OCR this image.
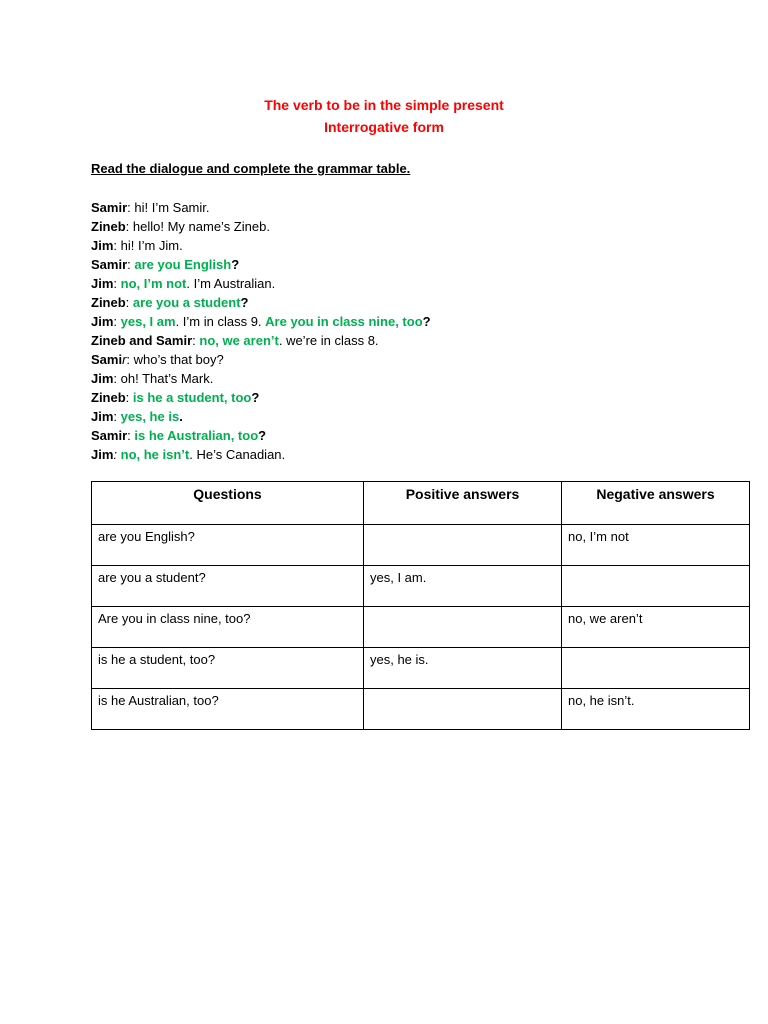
The verb to be in the simple present
Interrogative form
Read the dialogue and complete the grammar table.
Samir: hi! I’m Samir.
Zineb: hello! My name’s Zineb.
Jim: hi! I’m Jim.
Samir: are you English?
Jim: no, I’m not. I’m Australian.
Zineb: are you a student?
Jim: yes, I am. I’m in class 9. Are you in class nine, too?
Zineb and Samir: no, we aren’t. we’re in class 8.
Samir: who’s that boy?
Jim: oh! That’s Mark.
Zineb: is he a student, too?
Jim: yes, he is.
Samir: is he Australian, too?
Jim: no, he isn’t. He’s Canadian.
Questions	Positive answers	Negative answers
are you English?		no, I’m not
are you a student?	yes, I am.	
Are you in class nine, too?		no, we aren’t
is he a student, too?	yes, he is.	
is he Australian, too?		no, he isn’t.
